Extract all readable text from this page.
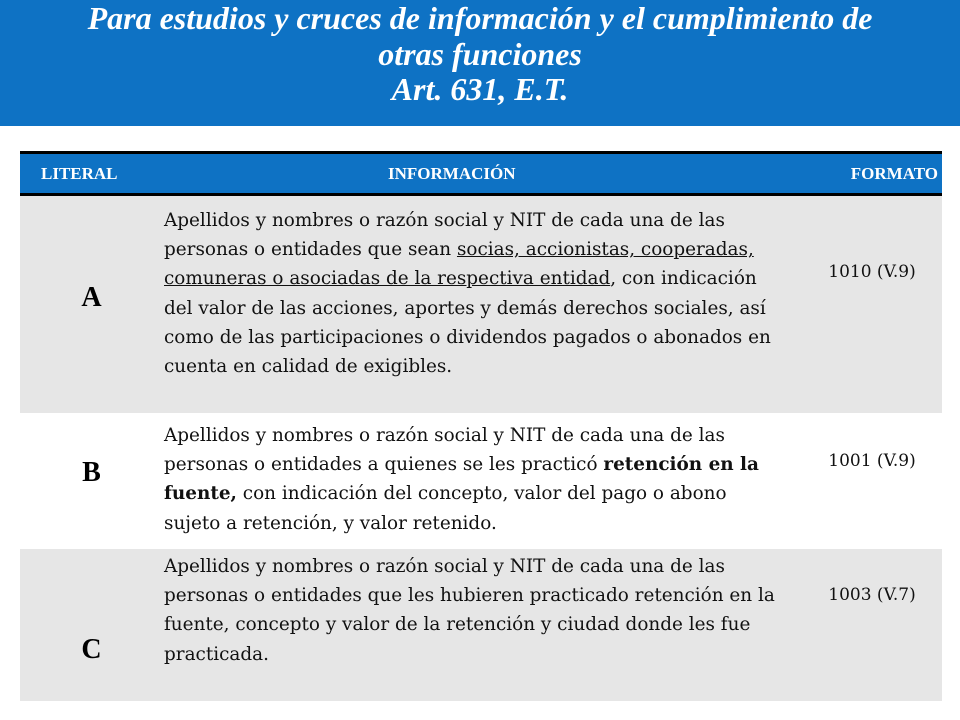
Para estudios y cruces de información y el cumplimiento de
otras funciones
Art. 631, E.T.
LITERAL	INFORMACIÓN	FORMATO
A
Apellidos y nombres o razón social y NIT de cada una de las personas o entidades que sean socias, accionistas, cooperadas, comuneras o asociadas de la respectiva entidad, con indicación del valor de las acciones, aportes y demás derechos sociales, así como de las participaciones o dividendos pagados o abonados en cuenta en calidad de exigibles.
1010 (V.9)
B
Apellidos y nombres o razón social y NIT de cada una de las personas o entidades a quienes se les practicó retención en la fuente, con indicación del concepto, valor del pago o abono sujeto a retención, y valor retenido.
1001 (V.9)
C
Apellidos y nombres o razón social y NIT de cada una de las personas o entidades que les hubieren practicado retención en la fuente, concepto y valor de la retención y ciudad donde les fue practicada.
1003 (V.7)
